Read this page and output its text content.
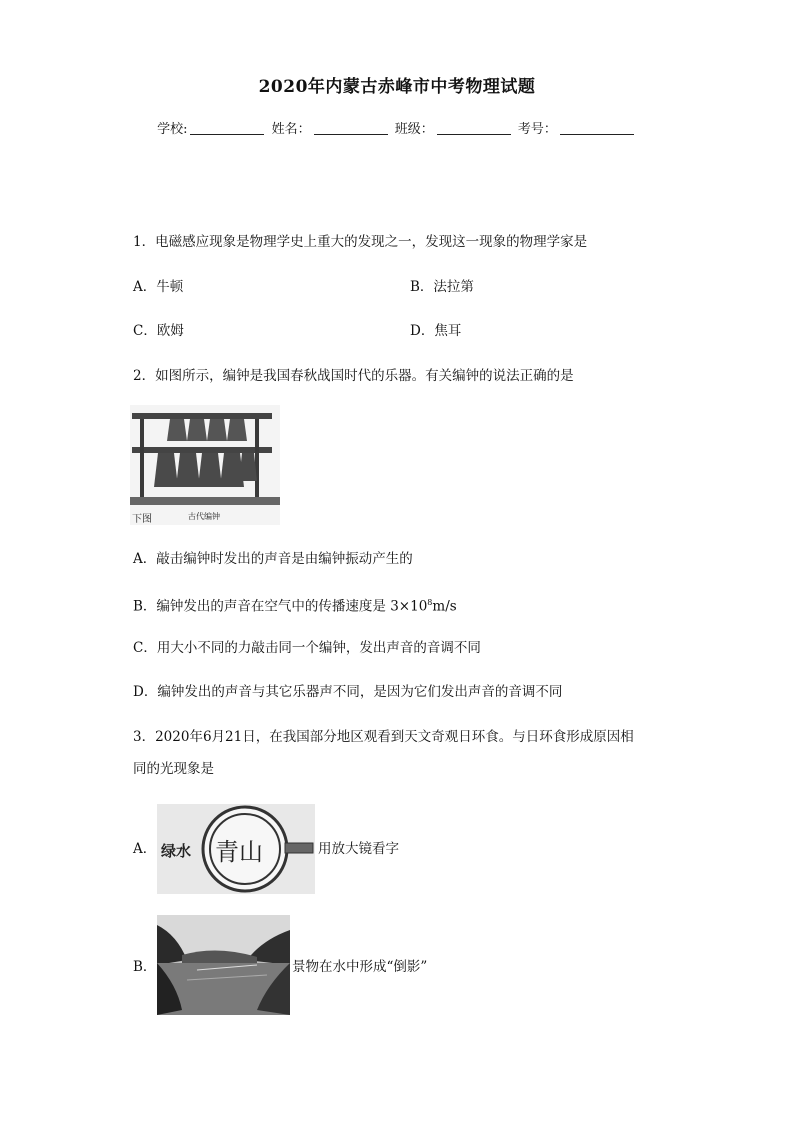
2020年内蒙古赤峰市中考物理试题
学校:	姓名：	班级：	考号：
1．电磁感应现象是物理学史上重大的发现之一，发现这一现象的物理学家是
A．牛顿	B．法拉第
C．欧姆	D．焦耳
2．如图所示，编钟是我国春秋战国时代的乐器。有关编钟的说法正确的是
下图	古代编钟
A．敲击编钟时发出的声音是由编钟振动产生的
B．编钟发出的声音在空气中的传播速度是 $3\times 10^8m/s$
C．用大小不同的力敲击同一个编钟，发出声音的音调不同
D．编钟发出的声音与其它乐器声不同，是因为它们发出声音的音调不同
3．2020年6月21日，在我国部分地区观看到天文奇观日环食。与日环食形成原因相
同的光现象是
A． 绿水 青山	用放大镜看字
B．	景物在水中形成“倒影”
